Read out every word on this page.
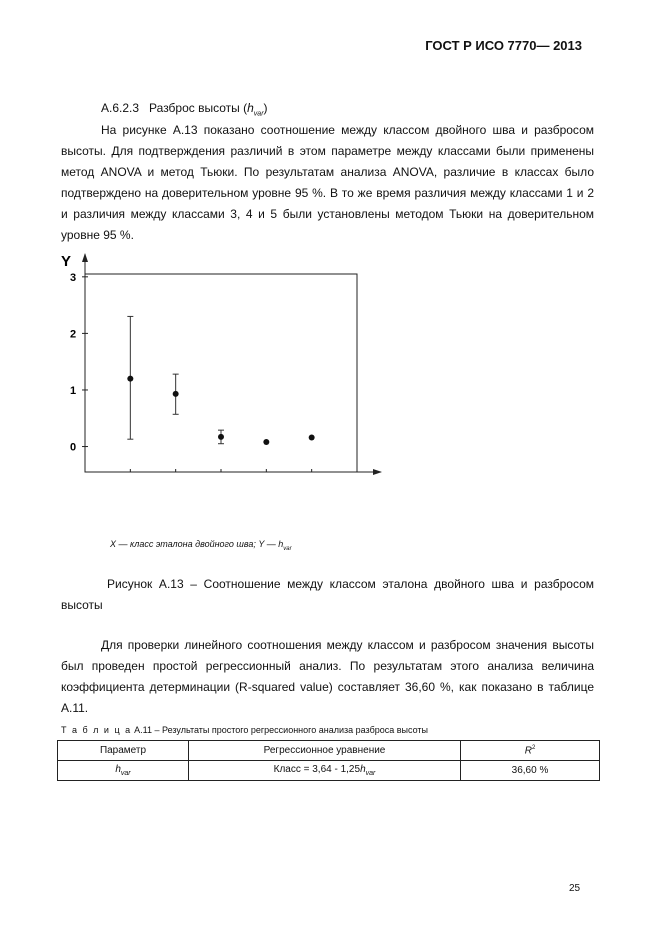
ГОСТ Р ИСО 7770— 2013
А.6.2.3 Разброс высоты $(h_{var})$

На рисунке А.13 показано соотношение между классом двойного шва и разбросом высоты. Для подтверждения различий в этом параметре между классами были применены метод ANOVA и метод Тьюки. По результатам анализа ANOVA, различие в классах было подтверждено на доверительном уровне 95 %. В то же время различия между классами 1 и 2 и различия между классами 3, 4 и 5 были установлены методом Тьюки на доверительном уровне 95 %.

Y
0
1
2
3
X — класс эталона двойного шва; Y — $h_{var}$

Рисунок А.13 – Соотношение между классом эталона двойного шва и разбросом высоты

Для проверки линейного соотношения между классом и разбросом значения высоты был проведен простой регрессионный анализ. По результатам этого анализа величина коэффициента детерминации (R-squared value) составляет 36,60 %, как показано в таблице А.11.

Т а б л и ц а А.11 – Результаты простого регрессионного анализа разброса высоты
Параметр	Регрессионное уравнение	$R^2$
$h_{var}$	Класс = $3,64 - 1,25h_{var}$	36,60 %
25
